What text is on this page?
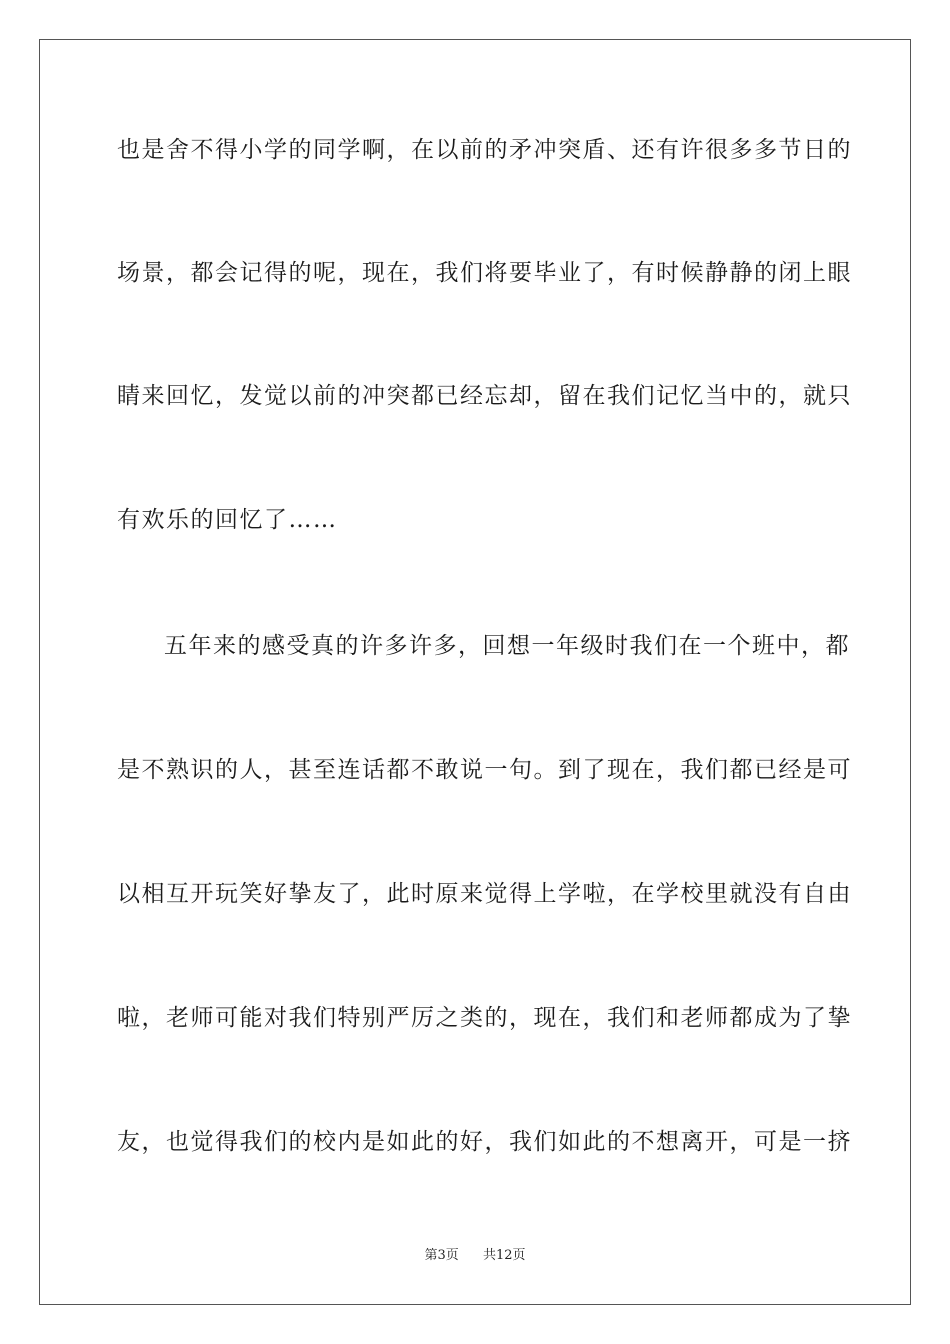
也是舍不得小学的同学啊，在以前的矛冲突盾、还有许很多多节日的
场景，都会记得的呢，现在，我们将要毕业了，有时候静静的闭上眼
睛来回忆，发觉以前的冲突都已经忘却，留在我们记忆当中的，就只
有欢乐的回忆了……
五年来的感受真的许多许多，回想一年级时我们在一个班中，都
是不熟识的人，甚至连话都不敢说一句。到了现在，我们都已经是可
以相互开玩笑好挚友了，此时原来觉得上学啦，在学校里就没有自由
啦，老师可能对我们特别严厉之类的，现在，我们和老师都成为了挚
友，也觉得我们的校内是如此的好，我们如此的不想离开，可是一挤
第3页 共12页
